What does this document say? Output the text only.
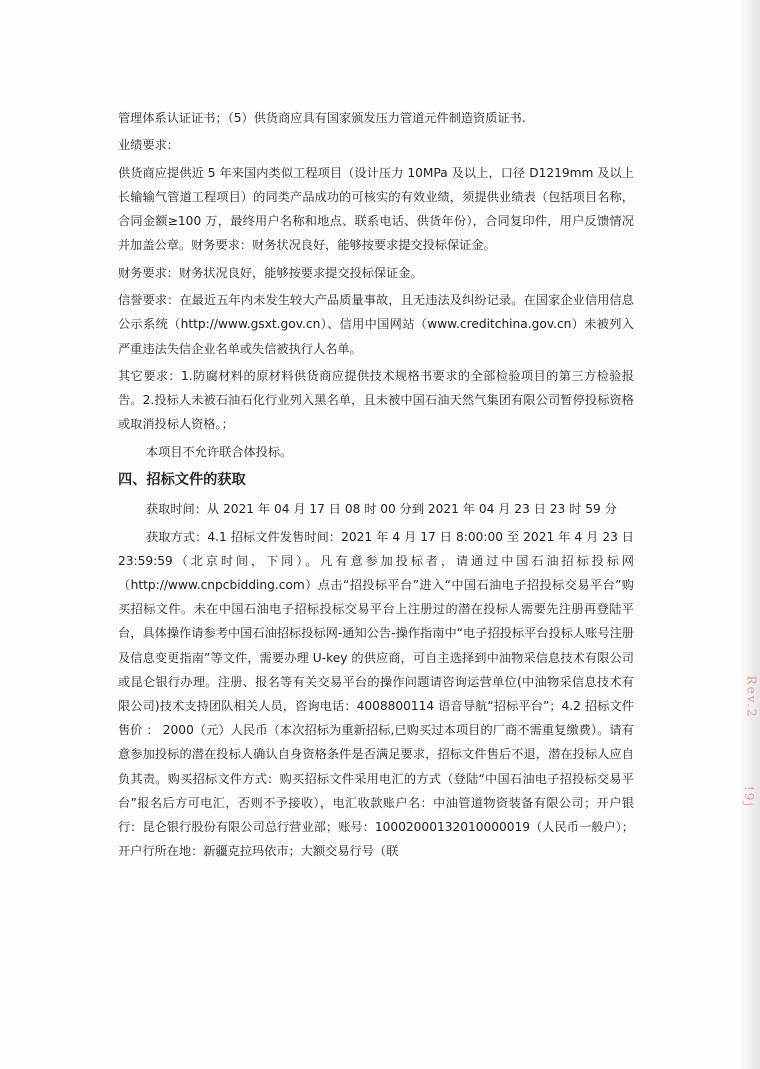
管理体系认证证书；（5）供货商应具有国家颁发压力管道元件制造资质证书.

业绩要求：

供货商应提供近 5 年来国内类似工程项目（设计压力 10MPa 及以上，口径 D1219mm 及以上长输输气管道工程项目）的同类产品成功的可核实的有效业绩，须提供业绩表（包括项目名称，合同金额≥100 万，最终用户名称和地点、联系电话、供货年份），合同复印件，用户反馈情况并加盖公章。财务要求：财务状况良好，能够按要求提交投标保证金。

财务要求：财务状况良好，能够按要求提交投标保证金。

信誉要求：在最近五年内未发生较大产品质量事故，且无违法及纠纷记录。在国家企业信用信息公示系统（http://www.gsxt.gov.cn）、信用中国网站（www.creditchina.gov.cn）未被列入严重违法失信企业名单或失信被执行人名单。

其它要求：1.防腐材料的原材料供货商应提供技术规格书要求的全部检验项目的第三方检验报告。2.投标人未被石油石化行业列入黑名单，且未被中国石油天然气集团有限公司暂停投标资格或取消投标人资格。；

本项目不允许联合体投标。

四、招标文件的获取

获取时间：从 2021 年 04 月 17 日 08 时 00 分到 2021 年 04 月 23 日 23 时 59 分

获取方式：4.1 招标文件发售时间：2021 年 4 月 17 日 8:00:00 至 2021 年 4 月 23 日 23:59:59（北京时间，下同）。凡有意参加投标者，请通过中国石油招标投标网（http://www.cnpcbidding.com）点击“招投标平台”进入“中国石油电子招投标交易平台”购买招标文件。未在中国石油电子招标投标交易平台上注册过的潜在投标人需要先注册再登陆平台，具体操作请参考中国石油招标投标网-通知公告-操作指南中“电子招投标平台投标人账号注册及信息变更指南”等文件，需要办理 U-key 的供应商，可自主选择到中油物采信息技术有限公司或昆仑银行办理。注册、报名等有关交易平台的操作问题请咨询运营单位(中油物采信息技术有限公司)技术支持团队相关人员，咨询电话：4008800114 语音导航“招标平台”；4.2 招标文件售价 ： 2000（元）人民币（本次招标为重新招标,已购买过本项目的厂商不需重复缴费）。请有意参加投标的潜在投标人确认自身资格条件是否满足要求，招标文件售后不退，潜在投标人应自负其责。购买招标文件方式：购买招标文件采用电汇的方式（登陆“中国石油电子招投标交易平台”报名后方可电汇，否则不予接收），电汇收款账户名：中油管道物资装备有限公司；开户银行：昆仑银行股份有限公司总行营业部；账号：10002000132010000019（人民币一般户）；开户行所在地：新疆克拉玛依市；大额交易行号（联

Rev.2
!9j
